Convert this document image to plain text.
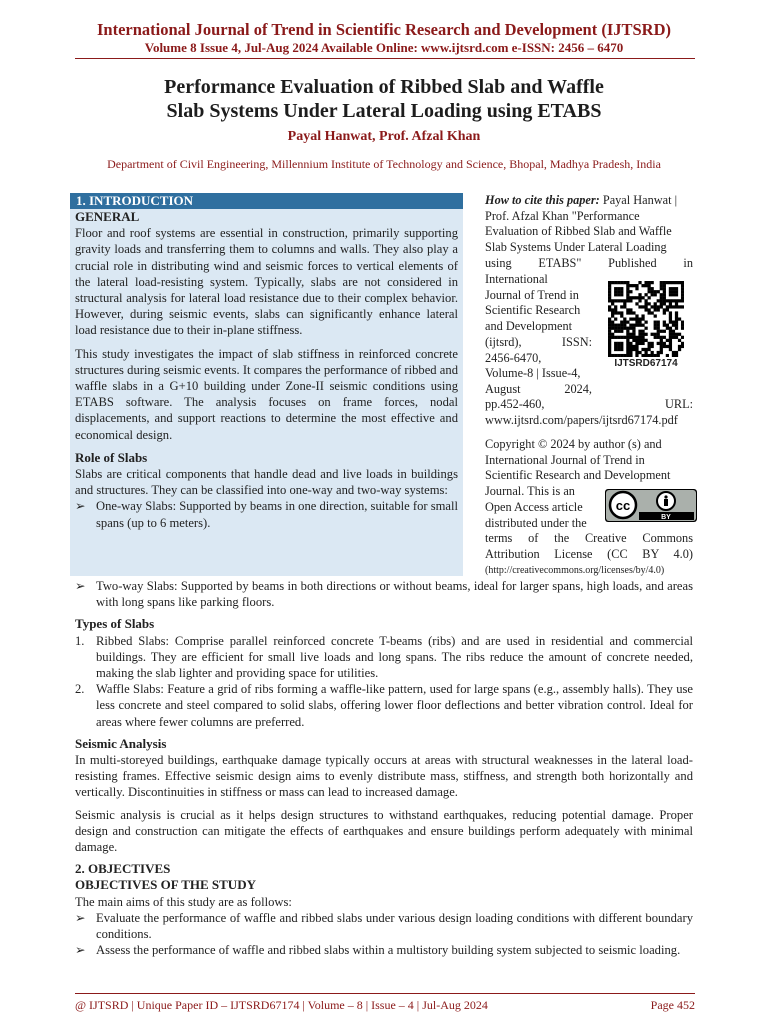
International Journal of Trend in Scientific Research and Development (IJTSRD)
Volume 8 Issue 4, Jul-Aug 2024 Available Online: www.ijtsrd.com e-ISSN: 2456 – 6470
Performance Evaluation of Ribbed Slab and Waffle
Slab Systems Under Lateral Loading using ETABS
Payal Hanwat, Prof. Afzal Khan
Department of Civil Engineering, Millennium Institute of Technology and Science, Bhopal, Madhya Pradesh, India
1. INTRODUCTION
GENERAL
Floor and roof systems are essential in construction, primarily supporting gravity loads and transferring them to columns and walls. They also play a crucial role in distributing wind and seismic forces to vertical elements of the lateral load-resisting system. Typically, slabs are not considered in structural analysis for lateral load resistance due to their complex behavior. However, during seismic events, slabs can significantly enhance lateral load resistance due to their in-plane stiffness.
This study investigates the impact of slab stiffness in reinforced concrete structures during seismic events. It compares the performance of ribbed and waffle slabs in a G+10 building under Zone-II seismic conditions using ETABS software. The analysis focuses on frame forces, nodal displacements, and support reactions to determine the most effective and economical design.
Role of Slabs
Slabs are critical components that handle dead and live loads in buildings and structures. They can be classified into one-way and two-way systems:
➢ One-way Slabs: Supported by beams in one direction, suitable for small spans (up to 6 meters).
➢ Two-way Slabs: Supported by beams in both directions or without beams, ideal for larger spans, high loads, and areas with long spans like parking floors.
Types of Slabs
1. Ribbed Slabs: Comprise parallel reinforced concrete T-beams (ribs) and are used in residential and commercial buildings. They are efficient for small live loads and long spans. The ribs reduce the amount of concrete needed, making the slab lighter and providing space for utilities.
2. Waffle Slabs: Feature a grid of ribs forming a waffle-like pattern, used for large spans (e.g., assembly halls). They use less concrete and steel compared to solid slabs, offering lower floor deflections and better vibration control. Ideal for areas where fewer columns are preferred.
Seismic Analysis
In multi-storeyed buildings, earthquake damage typically occurs at areas with structural weaknesses in the lateral load-resisting frames. Effective seismic design aims to evenly distribute mass, stiffness, and strength both horizontally and vertically. Discontinuities in stiffness or mass can lead to increased damage.
Seismic analysis is crucial as it helps design structures to withstand earthquakes, reducing potential damage. Proper design and construction can mitigate the effects of earthquakes and ensure buildings perform adequately with minimal damage.
2. OBJECTIVES
OBJECTIVES OF THE STUDY
The main aims of this study are as follows:
➢ Evaluate the performance of waffle and ribbed slabs under various design loading conditions with different boundary conditions.
➢ Assess the performance of waffle and ribbed slabs within a multistory building system subjected to seismic loading.
How to cite this paper: Payal Hanwat |
Prof. Afzal Khan "Performance
Evaluation of Ribbed Slab and Waffle
Slab Systems Under Lateral Loading
using ETABS" Published in
International
Journal of Trend in
Scientific Research
and Development
(ijtsrd), ISSN:
2456-6470,
Volume-8 | Issue-4,
August 2024,
pp.452-460, URL:
www.ijtsrd.com/papers/ijtsrd67174.pdf
IJTSRD67174
Copyright © 2024 by author (s) and
International Journal of Trend in
Scientific Research and Development
Journal. This is an
Open Access article
distributed under the
terms of the Creative Commons
Attribution License (CC BY 4.0)
(http://creativecommons.org/licenses/by/4.0)
cc
BY
@ IJTSRD | Unique Paper ID – IJTSRD67174 | Volume – 8 | Issue – 4 | Jul-Aug 2024	Page 452
